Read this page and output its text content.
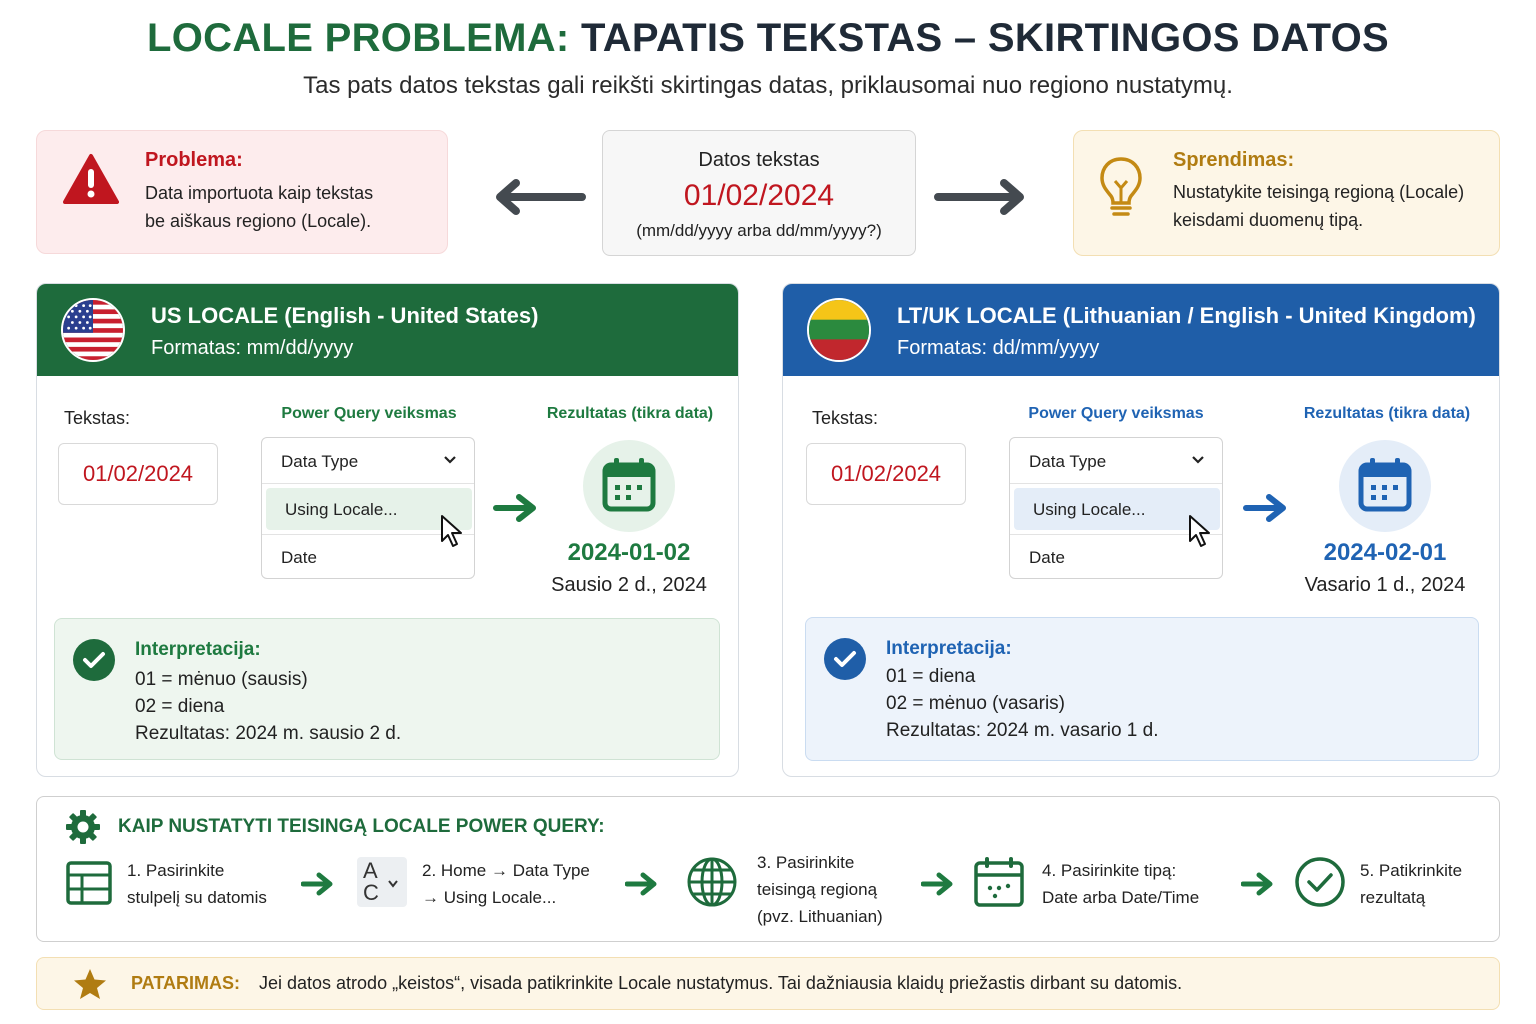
LOCALE PROBLEMA: TAPATIS TEKSTAS – SKIRTINGOS DATOS
Tas pats datos tekstas gali reikšti skirtingas datas, priklausomai nuo regiono nustatymų.
Problema:
Data importuota kaip tekstas
be aiškaus regiono (Locale).
Datos tekstas
01/02/2024
(mm/dd/yyyy arba dd/mm/yyyy?)
Sprendimas:
Nustatykite teisingą regioną (Locale)
keisdami duomenų tipą.
US LOCALE (English - United States)
Formatas: mm/dd/yyyy
Tekstas:
01/02/2024
Power Query veiksmas
Data Type
Using Locale...
Date
Rezultatas (tikra data)
2024-01-02
Sausio 2 d., 2024
Interpretacija:
01 = mėnuo (sausis)
02 = diena
Rezultatas: 2024 m. sausio 2 d.
LT/UK LOCALE (Lithuanian / English - United Kingdom)
Formatas: dd/mm/yyyy
Tekstas:
01/02/2024
Power Query veiksmas
Data Type
Using Locale...
Date
Rezultatas (tikra data)
2024-02-01
Vasario 1 d., 2024
Interpretacija:
01 = diena
02 = mėnuo (vasaris)
Rezultatas: 2024 m. vasario 1 d.
KAIP NUSTATYTI TEISINGĄ LOCALE POWER QUERY:
1. Pasirinkite
stulpelį su datomis
A
C
2. Home → Data Type
→ Using Locale...
3. Pasirinkite
teisingą regioną
(pvz. Lithuanian)
4. Pasirinkite tipą:
Date arba Date/Time
5. Patikrinkite
rezultatą
PATARIMAS: Jei datos atrodo „keistos“, visada patikrinkite Locale nustatymus. Tai dažniausia klaidų priežastis dirbant su datomis.
